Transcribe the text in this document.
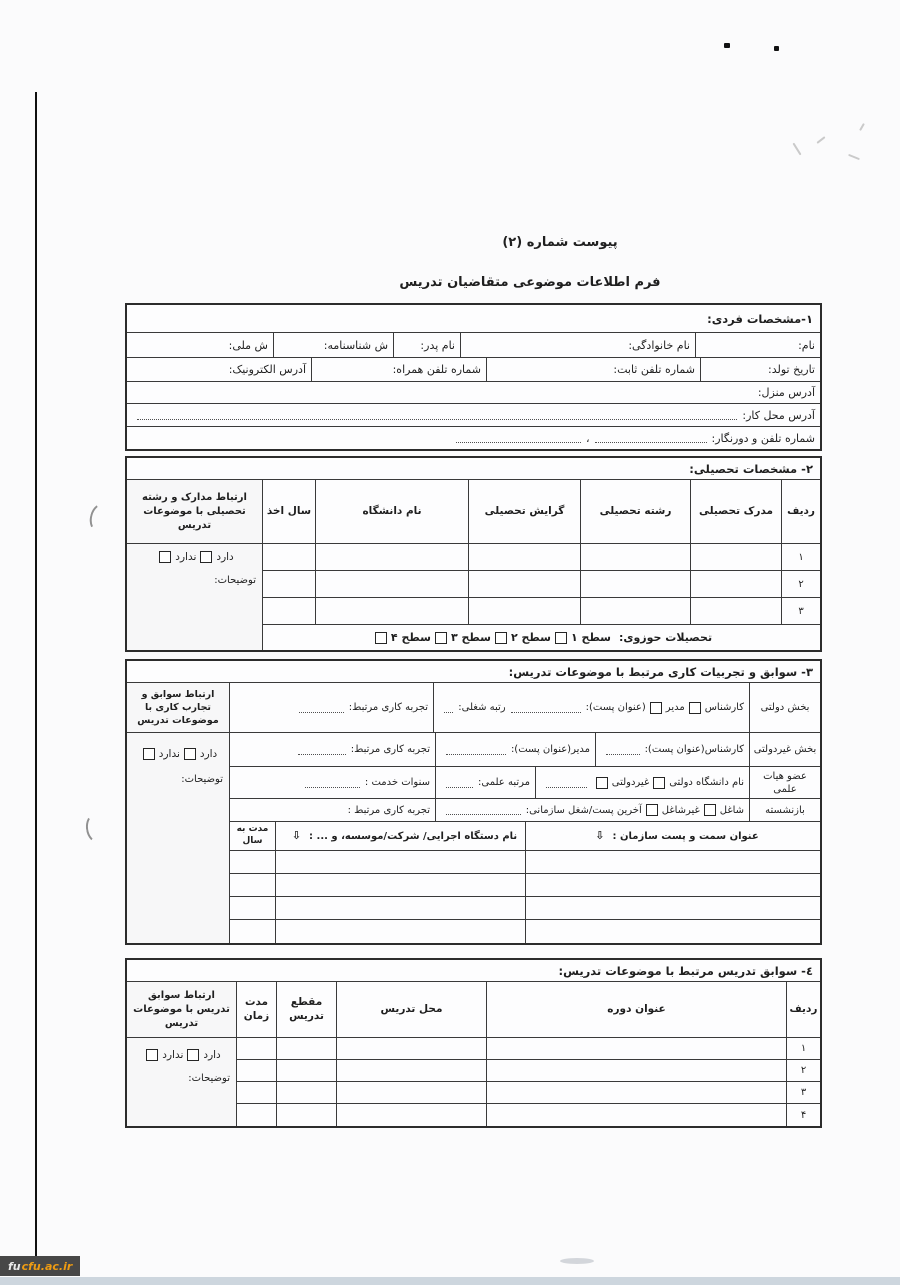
پیوست شماره (۲)
فرم اطلاعات موضوعی متقاضیان تدریس
۱-مشخصات فردی:
نام:
نام خانوادگی:
نام پدر:
ش شناسنامه:
ش ملی:
تاریخ تولد:
شماره تلفن ثابت:
شماره تلفن همراه:
آدرس الکترونیک:
آدرس منزل:
آدرس محل کار:
شماره تلفن و دورنگار:
،
۲- مشخصات تحصیلی:
ردیف
مدرک تحصیلی
رشته تحصیلی
گرایش تحصیلی
نام دانشگاه
سال اخذ
۱
۲
۳
تحصیلات حوزوی:
سطح ۱
سطح ۲
سطح ۳
سطح ۴
ارتباط مدارک و رشته تحصیلی با موضوعات تدریس
دارد
ندارد
توضیحات:
۳- سوابق و تجربیات کاری مرتبط با موضوعات تدریس:
بخش دولتی
کارشناس
مدیر
(عنوان پست):
رتبه شغلی:
تجربه کاری مرتبط:
بخش غیردولتی
کارشناس(عنوان پست):
مدیر(عنوان پست):
تجربه کاری مرتبط:
عضو هیات علمی
نام دانشگاه دولتی
غیردولتی
مرتبه علمی:
سنوات خدمت :
بازنشسته
شاغل
غیرشاغل
آخرین پست/شغل سازمانی:
تجربه کاری مرتبط :
عنوان سمت و پست سازمان :
⇩
نام دستگاه اجرایی/ شرکت/موسسه، و ... :
⇩
مدت به سال
ارتباط سوابق و تجارب کاری با موضوعات تدریس
دارد
ندارد
توضیحات:
٤- سوابق تدریس مرتبط با موضوعات تدریس:
ردیف
عنوان دوره
محل تدریس
مقطع تدریس
مدت زمان
۱
۲
۳
۴
ارتباط سوابق تدریس با موضوعات تدریس
دارد
ندارد
توضیحات:
fu cfu.ac.ir
